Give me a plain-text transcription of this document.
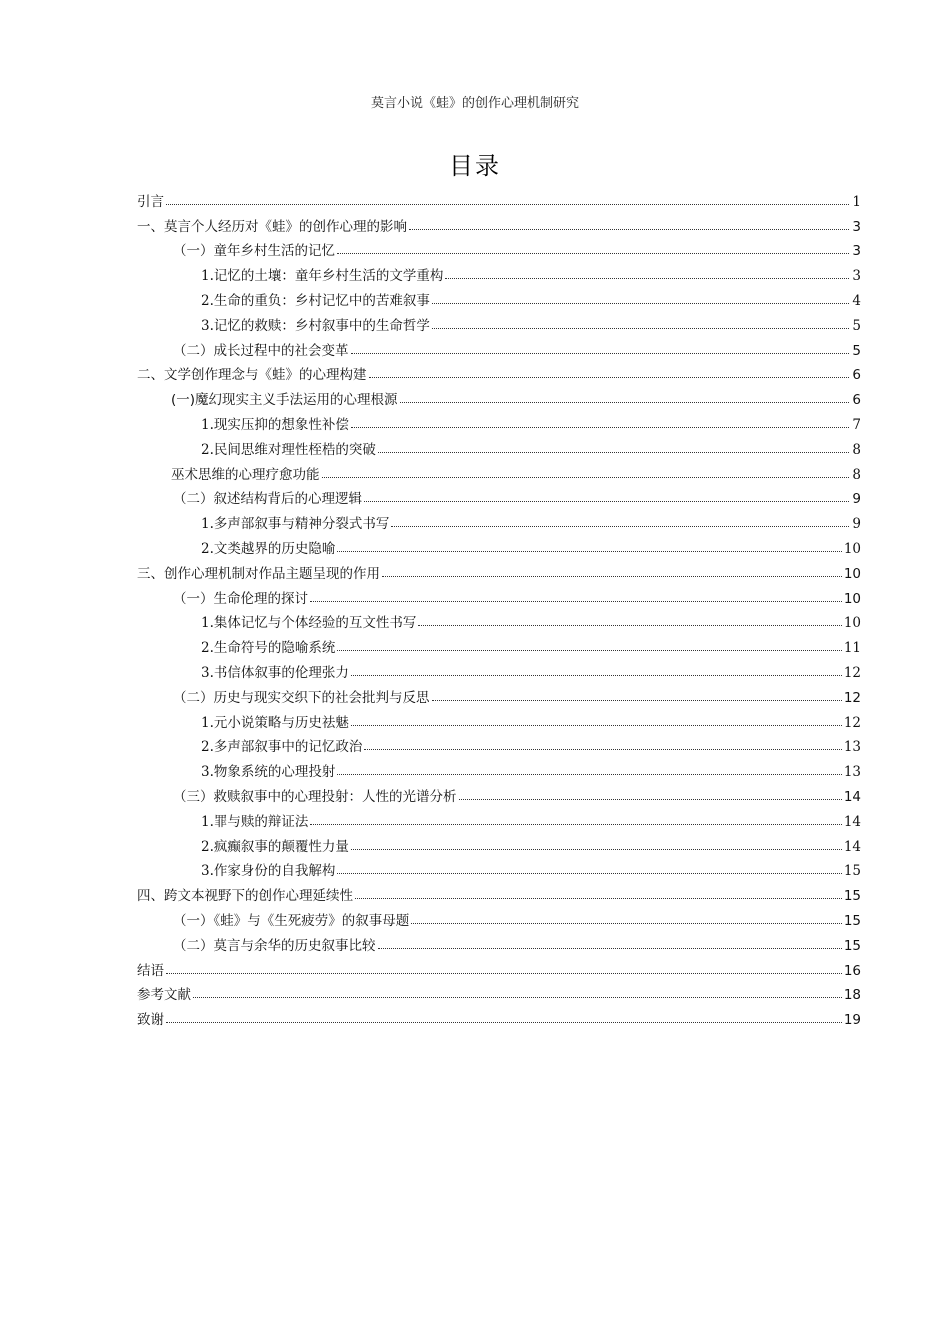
莫言小说《蛙》的创作心理机制研究
目录
引言	1
一、莫言个人经历对《蛙》的创作心理的影响	3
（一）童年乡村生活的记忆	3
1.记忆的土壤：童年乡村生活的文学重构	3
2.生命的重负：乡村记忆中的苦难叙事	4
3.记忆的救赎：乡村叙事中的生命哲学	5
（二）成长过程中的社会变革	5
二、文学创作理念与《蛙》的心理构建	6
(一)魔幻现实主义手法运用的心理根源	6
1.现实压抑的想象性补偿	7
2.民间思维对理性桎梏的突破	8
巫术思维的心理疗愈功能	8
（二）叙述结构背后的心理逻辑	9
1.多声部叙事与精神分裂式书写	9
2.文类越界的历史隐喻	10
三、创作心理机制对作品主题呈现的作用	10
（一）生命伦理的探讨	10
1.集体记忆与个体经验的互文性书写	10
2.生命符号的隐喻系统	11
3.书信体叙事的伦理张力	12
（二）历史与现实交织下的社会批判与反思	12
1.元小说策略与历史祛魅	12
2.多声部叙事中的记忆政治	13
3.物象系统的心理投射	13
（三）救赎叙事中的心理投射：人性的光谱分析	14
1.罪与赎的辩证法	14
2.疯癫叙事的颠覆性力量	14
3.作家身份的自我解构	15
四、跨文本视野下的创作心理延续性	15
（一）《蛙》与《生死疲劳》的叙事母题	15
（二）莫言与余华的历史叙事比较	15
结语	16
参考文献	18
致谢	19
